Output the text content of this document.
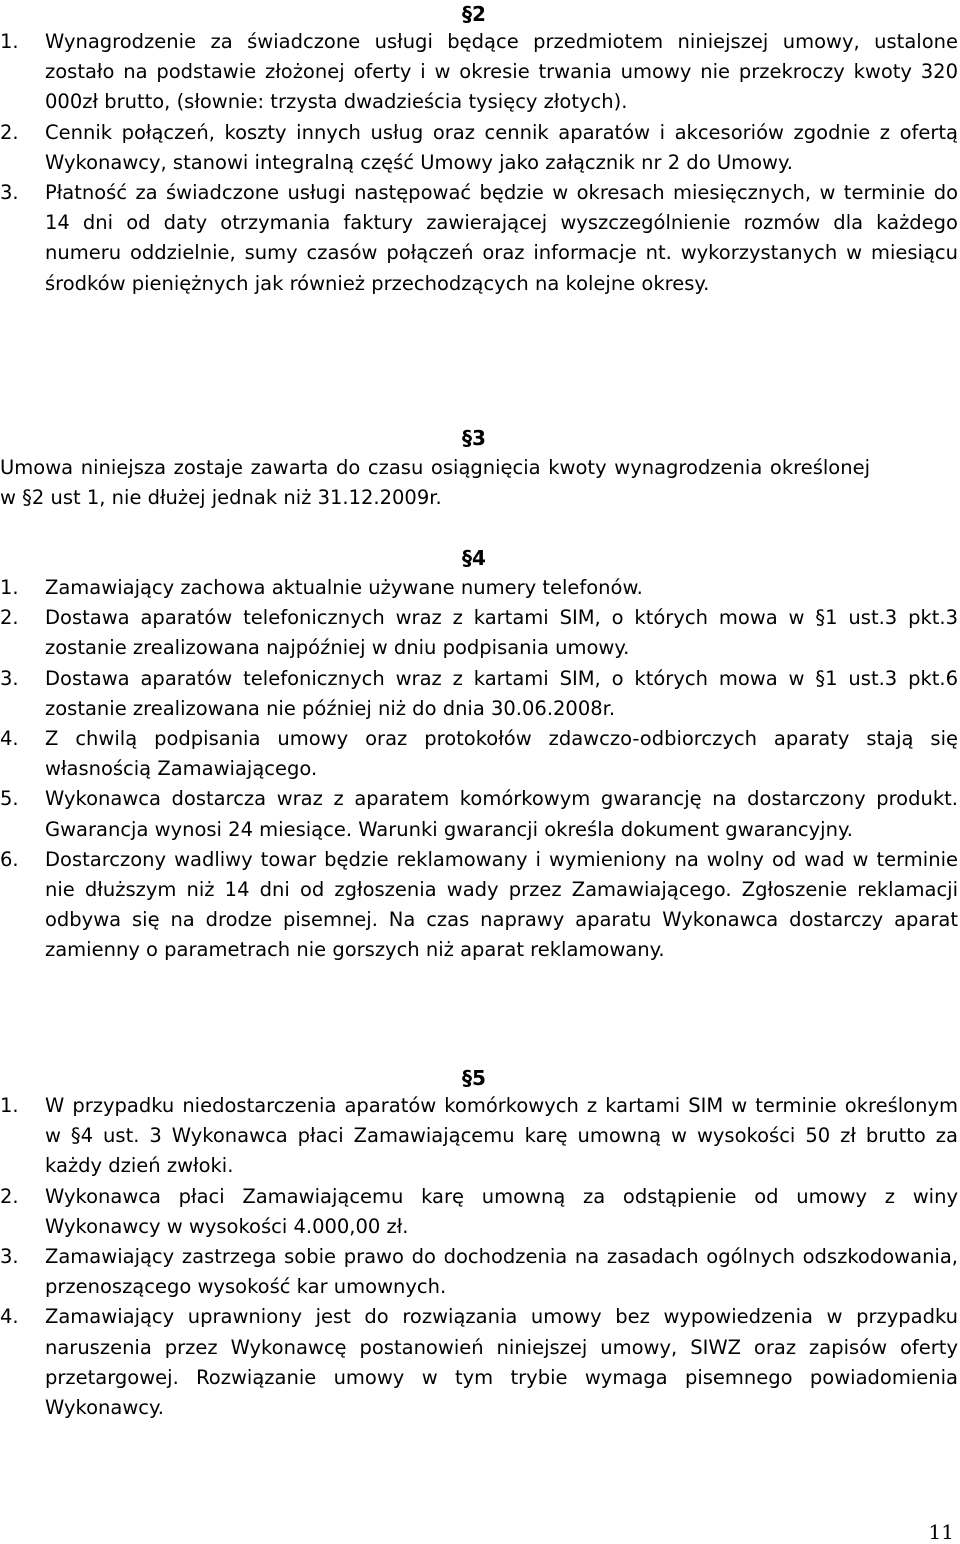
§2
1. Wynagrodzenie za świadczone usługi będące przedmiotem niniejszej umowy, ustalone zostało na podstawie złożonej oferty i w okresie trwania umowy nie przekroczy kwoty 320 000zł brutto, (słownie: trzysta dwadzieścia tysięcy złotych).
2. Cennik połączeń, koszty innych usług oraz cennik aparatów i akcesoriów zgodnie z ofertą Wykonawcy, stanowi integralną część Umowy jako załącznik nr 2 do Umowy.
3. Płatność za świadczone usługi następować będzie w okresach miesięcznych, w terminie do 14 dni od daty otrzymania faktury zawierającej wyszczególnienie rozmów dla każdego numeru oddzielnie, sumy czasów połączeń oraz informacje nt. wykorzystanych w miesiącu środków pieniężnych jak również przechodzących na kolejne okresy.
§3
Umowa niniejsza zostaje zawarta do czasu osiągnięcia kwoty wynagrodzenia określonej w §2 ust 1, nie dłużej jednak niż 31.12.2009r.
§4
1. Zamawiający zachowa aktualnie używane numery telefonów.
2. Dostawa aparatów telefonicznych wraz z kartami SIM, o których mowa w §1 ust.3 pkt.3 zostanie zrealizowana najpóźniej w dniu podpisania umowy.
3. Dostawa aparatów telefonicznych wraz z kartami SIM, o których mowa w §1 ust.3 pkt.6 zostanie zrealizowana nie później niż do dnia 30.06.2008r.
4. Z chwilą podpisania umowy oraz protokołów zdawczo-odbiorczych aparaty stają się własnością Zamawiającego.
5. Wykonawca dostarcza wraz z aparatem komórkowym gwarancję na dostarczony produkt. Gwarancja wynosi 24 miesiące. Warunki gwarancji określa dokument gwarancyjny.
6. Dostarczony wadliwy towar będzie reklamowany i wymieniony na wolny od wad w terminie nie dłuższym niż 14 dni od zgłoszenia wady przez Zamawiającego. Zgłoszenie reklamacji odbywa się na drodze pisemnej. Na czas naprawy aparatu Wykonawca dostarczy aparat zamienny o parametrach nie gorszych niż aparat reklamowany.
§5
1. W przypadku niedostarczenia aparatów komórkowych z kartami SIM w terminie określonym w §4 ust. 3 Wykonawca płaci Zamawiającemu karę umowną w wysokości 50 zł brutto za każdy dzień zwłoki.
2. Wykonawca płaci Zamawiającemu karę umowną za odstąpienie od umowy z winy Wykonawcy w wysokości 4.000,00 zł.
3. Zamawiający zastrzega sobie prawo do dochodzenia na zasadach ogólnych odszkodowania, przenoszącego wysokość kar umownych.
4. Zamawiający uprawniony jest do rozwiązania umowy bez wypowiedzenia w przypadku naruszenia przez Wykonawcę postanowień niniejszej umowy, SIWZ oraz zapisów oferty przetargowej. Rozwiązanie umowy w tym trybie wymaga pisemnego powiadomienia Wykonawcy.
11
